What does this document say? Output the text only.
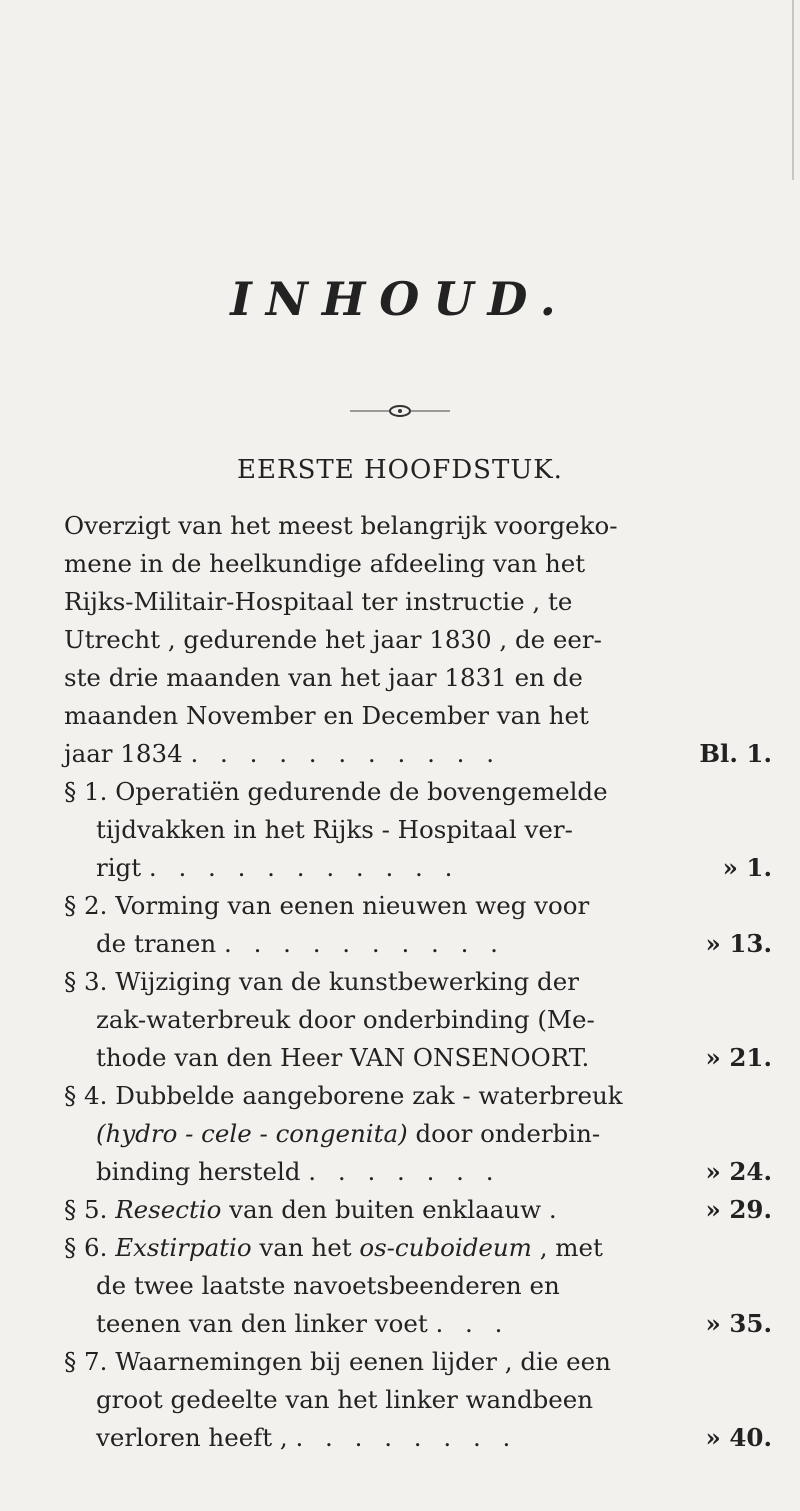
INHOUD.
EERSTE HOOFDSTUK.
Overzigt van het meest belangrijk voorgeko-
mene in de heelkundige afdeeling van het
Rijks-Militair-Hospitaal ter instructie , te
Utrecht , gedurende het jaar 1830 , de eer-
ste drie maanden van het jaar 1831 en de
maanden November en December van het
jaar 1834 . . . . . . . . . . .	Bl. 1.
§ 1. Operatiën gedurende de bovengemelde
tijdvakken in het Rijks - Hospitaal ver-
rigt . . . . . . . . . . .	» 1.
§ 2. Vorming van eenen nieuwen weg voor
de tranen . . . . . . . . . .	» 13.
§ 3. Wijziging van de kunstbewerking der
zak-waterbreuk door onderbinding (Me-
thode van den Heer VAN ONSENOORT.	» 21.
§ 4. Dubbelde aangeborene zak - waterbreuk
(hydro - cele - congenita) door onderbin-
binding hersteld . . . . . . .	» 24.
§ 5. Resectio van den buiten enklaauw .	» 29.
§ 6. Exstirpatio van het os-cuboideum , met
de twee laatste navoetsbeenderen en
teenen van den linker voet . . .	» 35.
§ 7. Waarnemingen bij eenen lijder , die een
groot gedeelte van het linker wandbeen
verloren heeft , . . . . . . . .	» 40.
